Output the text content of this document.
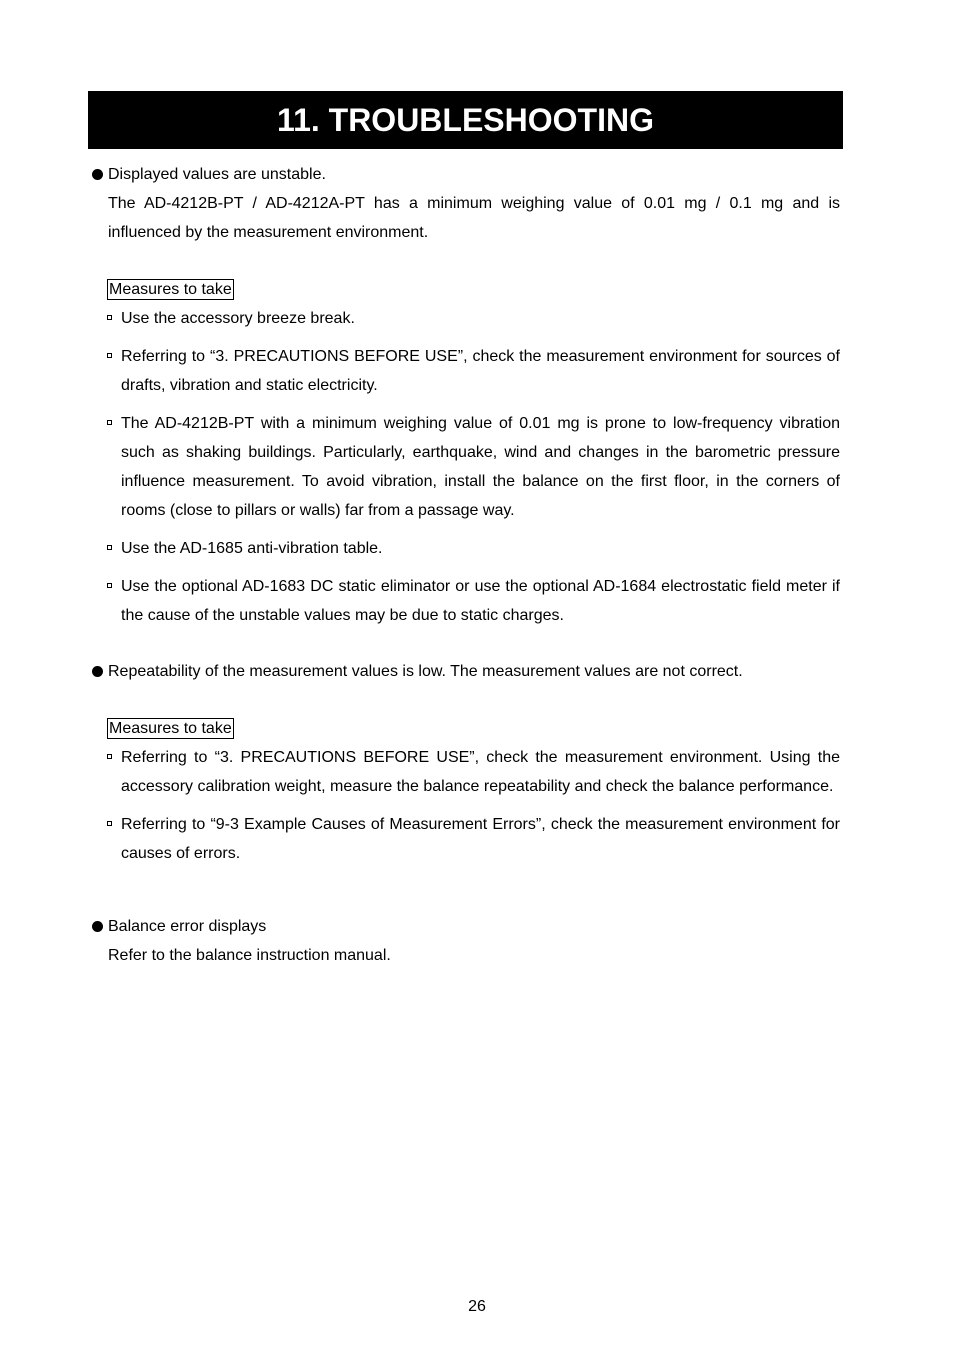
11. TROUBLESHOOTING
Displayed values are unstable.

The AD-4212B-PT / AD-4212A-PT has a minimum weighing value of 0.01 mg / 0.1 mg and is influenced by the measurement environment.

Measures to take
Use the accessory breeze break.
Referring to “3. PRECAUTIONS BEFORE USE”, check the measurement environment for sources of drafts, vibration and static electricity.
The AD-4212B-PT with a minimum weighing value of 0.01 mg is prone to low-frequency vibration such as shaking buildings. Particularly, earthquake, wind and changes in the barometric pressure influence measurement. To avoid vibration, install the balance on the first floor, in the corners of rooms (close to pillars or walls) far from a passage way.
Use the AD-1685 anti-vibration table.
Use the optional AD-1683 DC static eliminator or use the optional AD-1684 electrostatic field meter if the cause of the unstable values may be due to static charges.
Repeatability of the measurement values is low. The measurement values are not correct.
Measures to take
Referring to “3. PRECAUTIONS BEFORE USE”, check the measurement environment. Using the accessory calibration weight, measure the balance repeatability and check the balance performance.
Referring to “9-3 Example Causes of Measurement Errors”, check the measurement environment for causes of errors.
Balance error displays

Refer to the balance instruction manual.

26
